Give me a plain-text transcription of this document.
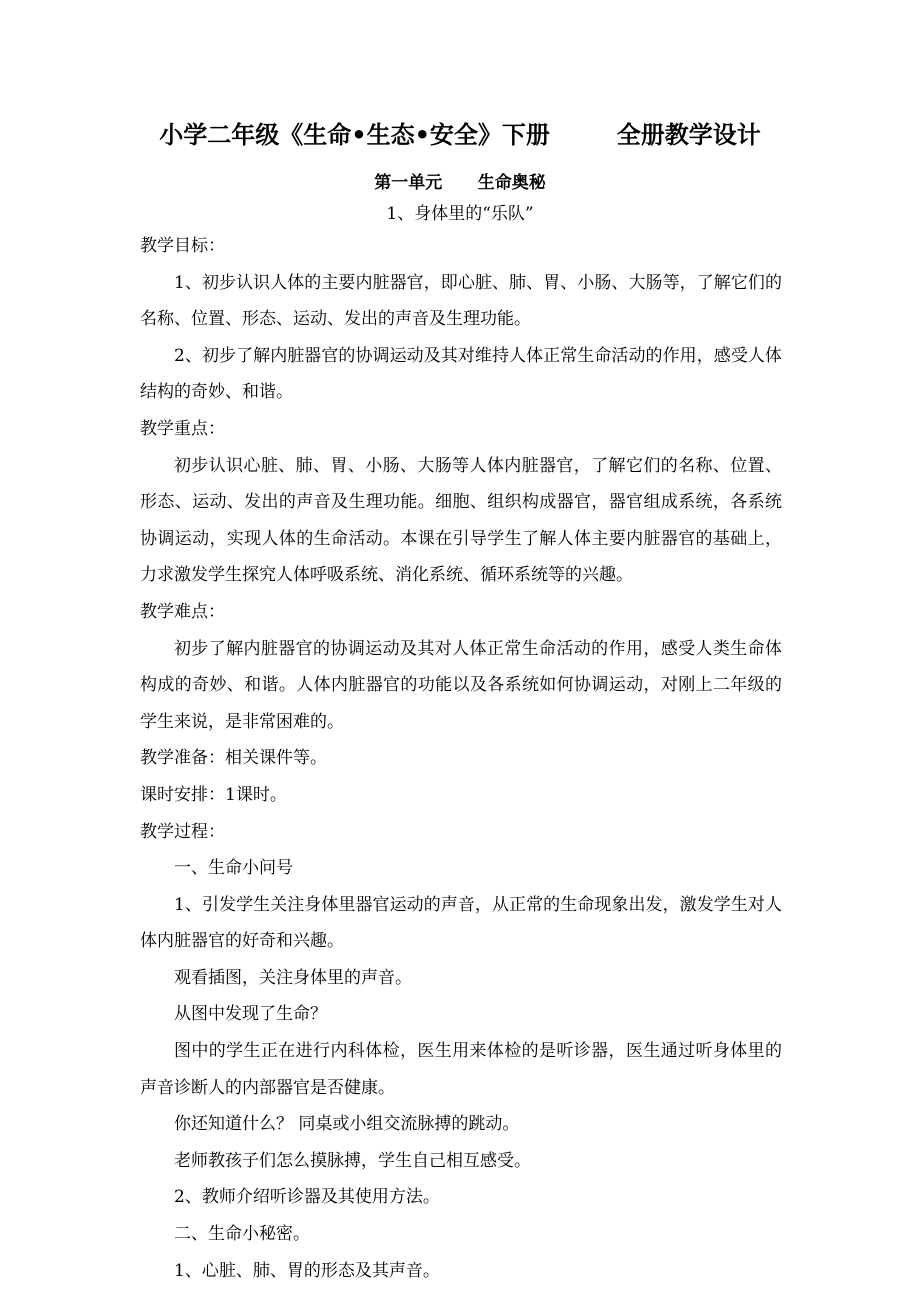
小学二年级《生命•生态•安全》下册        全册教学设计
第一单元      生命奥秘
1、身体里的“乐队”

教学目标：

1、初步认识人体的主要内脏器官，即心脏、肺、胃、小肠、大肠等，了解它们的名称、位置、形态、运动、发出的声音及生理功能。

2、初步了解内脏器官的协调运动及其对维持人体正常生命活动的作用，感受人体结构的奇妙、和谐。

教学重点：

初步认识心脏、肺、胃、小肠、大肠等人体内脏器官，了解它们的名称、位置、形态、运动、发出的声音及生理功能。细胞、组织构成器官，器官组成系统，各系统协调运动，实现人体的生命活动。本课在引导学生了解人体主要内脏器官的基础上，力求激发学生探究人体呼吸系统、消化系统、循环系统等的兴趣。

教学难点：

初步了解内脏器官的协调运动及其对人体正常生命活动的作用，感受人类生命体构成的奇妙、和谐。人体内脏器官的功能以及各系统如何协调运动，对刚上二年级的学生来说，是非常困难的。

教学准备：相关课件等。

课时安排：1课时。

教学过程：

一、生命小问号

1、引发学生关注身体里器官运动的声音，从正常的生命现象出发，激发学生对人体内脏器官的好奇和兴趣。

观看插图，关注身体里的声音。

从图中发现了生命？

图中的学生正在进行内科体检，医生用来体检的是听诊器，医生通过听身体里的声音诊断人的内部器官是否健康。

你还知道什么？ 同桌或小组交流脉搏的跳动。

老师教孩子们怎么摸脉搏，学生自己相互感受。

2、教师介绍听诊器及其使用方法。

二、生命小秘密。

1、心脏、肺、胃的形态及其声音。
